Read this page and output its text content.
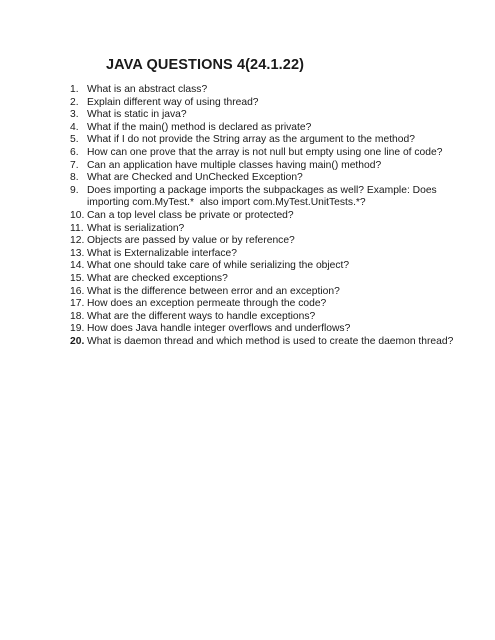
JAVA QUESTIONS 4(24.1.22)
1. What is an abstract class?
2. Explain different way of using thread?
3. What is static in java?
4. What if the main() method is declared as private?
5. What if I do not provide the String array as the argument to the method?
6. How can one prove that the array is not null but empty using one line of code?
7. Can an application have multiple classes having main() method?
8. What are Checked and UnChecked Exception?
9. Does importing a package imports the subpackages as well? Example: Does importing com.MyTest.*  also import com.MyTest.UnitTests.*?
10. Can a top level class be private or protected?
11. What is serialization?
12. Objects are passed by value or by reference?
13. What is Externalizable interface?
14. What one should take care of while serializing the object?
15. What are checked exceptions?
16. What is the difference between error and an exception?
17. How does an exception permeate through the code?
18. What are the different ways to handle exceptions?
19. How does Java handle integer overflows and underflows?
20. What is daemon thread and which method is used to create the daemon thread?
